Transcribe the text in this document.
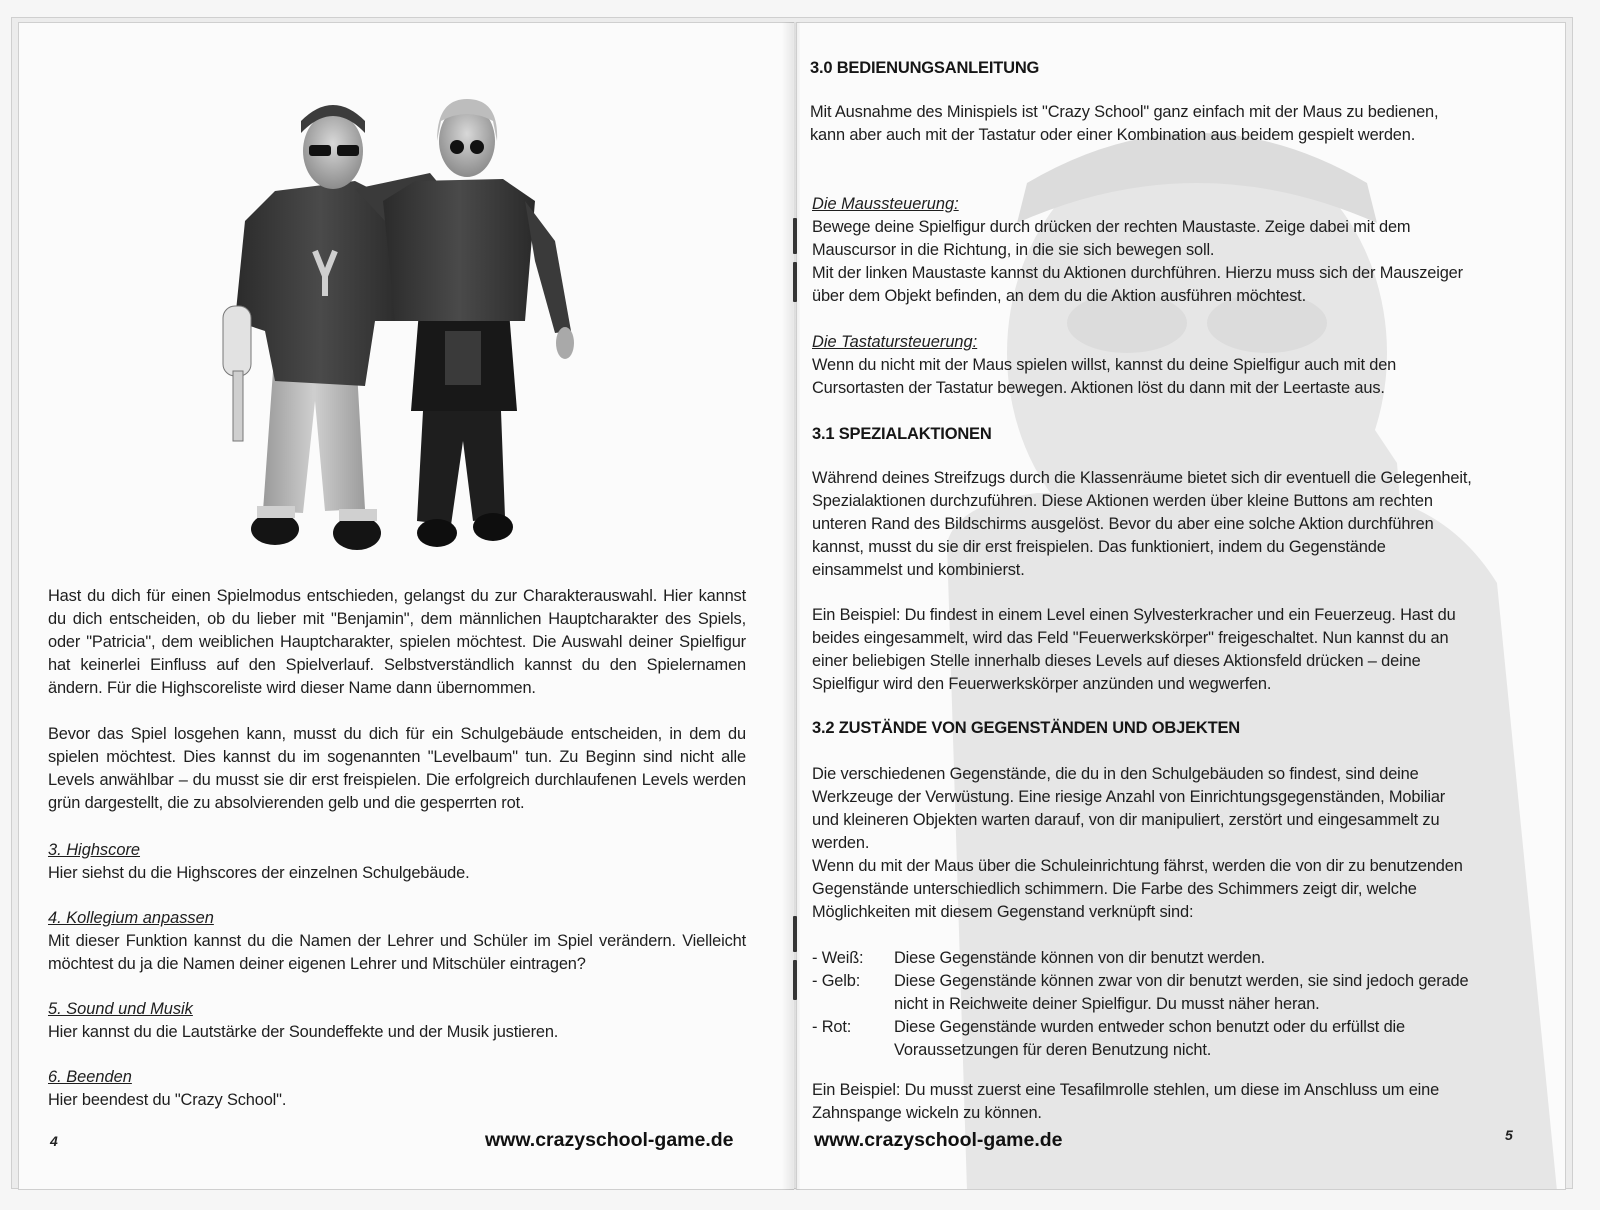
Hast du dich für einen Spielmodus entschieden, gelangst du zur Charakterauswahl. Hier kannst du dich entscheiden, ob du lieber mit "Benjamin", dem männlichen Hauptcharakter des Spiels, oder "Patricia", dem weiblichen Hauptcharakter, spielen möchtest. Die Auswahl deiner Spielfigur hat keinerlei Einfluss auf den Spielverlauf. Selbstverständlich kannst du den Spielernamen ändern. Für die Highscoreliste wird dieser Name dann übernommen.
Bevor das Spiel losgehen kann, musst du dich für ein Schulgebäude entscheiden, in dem du spielen möchtest. Dies kannst du im sogenannten "Levelbaum" tun. Zu Beginn sind nicht alle Levels anwählbar – du musst sie dir erst freispielen. Die erfolgreich durchlaufenen Levels werden grün dargestellt, die zu absolvierenden gelb und die gesperrten rot.
3. Highscore
Hier siehst du die Highscores der einzelnen Schulgebäude.
4. Kollegium anpassen
Mit dieser Funktion kannst du die Namen der Lehrer und Schüler im Spiel verändern. Vielleicht möchtest du ja die Namen deiner eigenen Lehrer und Mitschüler eintragen?
5. Sound und Musik
Hier kannst du die Lautstärke der Soundeffekte und der Musik justieren.
6. Beenden
Hier beendest du "Crazy School".
4	www.crazyschool-game.de
3.0 BEDIENUNGSANLEITUNG
Mit Ausnahme des Minispiels ist "Crazy School" ganz einfach mit der Maus zu bedienen, kann aber auch mit der Tastatur oder einer Kombination aus beidem gespielt werden.
Die Maussteuerung:
Bewege deine Spielfigur durch drücken der rechten Maustaste. Zeige dabei mit dem Mauscursor in die Richtung, in die sie sich bewegen soll.
Mit der linken Maustaste kannst du Aktionen durchführen. Hierzu muss sich der Mauszeiger über dem Objekt befinden, an dem du die Aktion ausführen möchtest.
Die Tastatursteuerung:
Wenn du nicht mit der Maus spielen willst, kannst du deine Spielfigur auch mit den Cursortasten der Tastatur bewegen. Aktionen löst du dann mit der Leertaste aus.
3.1 SPEZIALAKTIONEN
Während deines Streifzugs durch die Klassenräume bietet sich dir eventuell die Gelegenheit, Spezialaktionen durchzuführen. Diese Aktionen werden über kleine Buttons am rechten unteren Rand des Bildschirms ausgelöst. Bevor du aber eine solche Aktion durchführen kannst, musst du sie dir erst freispielen. Das funktioniert, indem du Gegenstände einsammelst und kombinierst.
Ein Beispiel: Du findest in einem Level einen Sylvesterkracher und ein Feuerzeug. Hast du beides eingesammelt, wird das Feld "Feuerwerkskörper" freigeschaltet. Nun kannst du an einer beliebigen Stelle innerhalb dieses Levels auf dieses Aktionsfeld drücken – deine Spielfigur wird den Feuerwerkskörper anzünden und wegwerfen.
3.2 ZUSTÄNDE VON GEGENSTÄNDEN UND OBJEKTEN
Die verschiedenen Gegenstände, die du in den Schulgebäuden so findest, sind deine Werkzeuge der Verwüstung. Eine riesige Anzahl von Einrichtungsgegenständen, Mobiliar und kleineren Objekten warten darauf, von dir manipuliert, zerstört und eingesammelt zu werden.
Wenn du mit der Maus über die Schuleinrichtung fährst, werden die von dir zu benutzenden Gegenstände unterschiedlich schimmern. Die Farbe des Schimmers zeigt dir, welche Möglichkeiten mit diesem Gegenstand verknüpft sind:
- Weiß:	Diese Gegenstände können von dir benutzt werden.
- Gelb:	Diese Gegenstände können zwar von dir benutzt werden, sie sind jedoch gerade nicht in Reichweite deiner Spielfigur. Du musst näher heran.
- Rot:	Diese Gegenstände wurden entweder schon benutzt oder du erfüllst die Voraussetzungen für deren Benutzung nicht.
Ein Beispiel: Du musst zuerst eine Tesafilmrolle stehlen, um diese im Anschluss um eine Zahnspange wickeln zu können.
www.crazyschool-game.de	5
